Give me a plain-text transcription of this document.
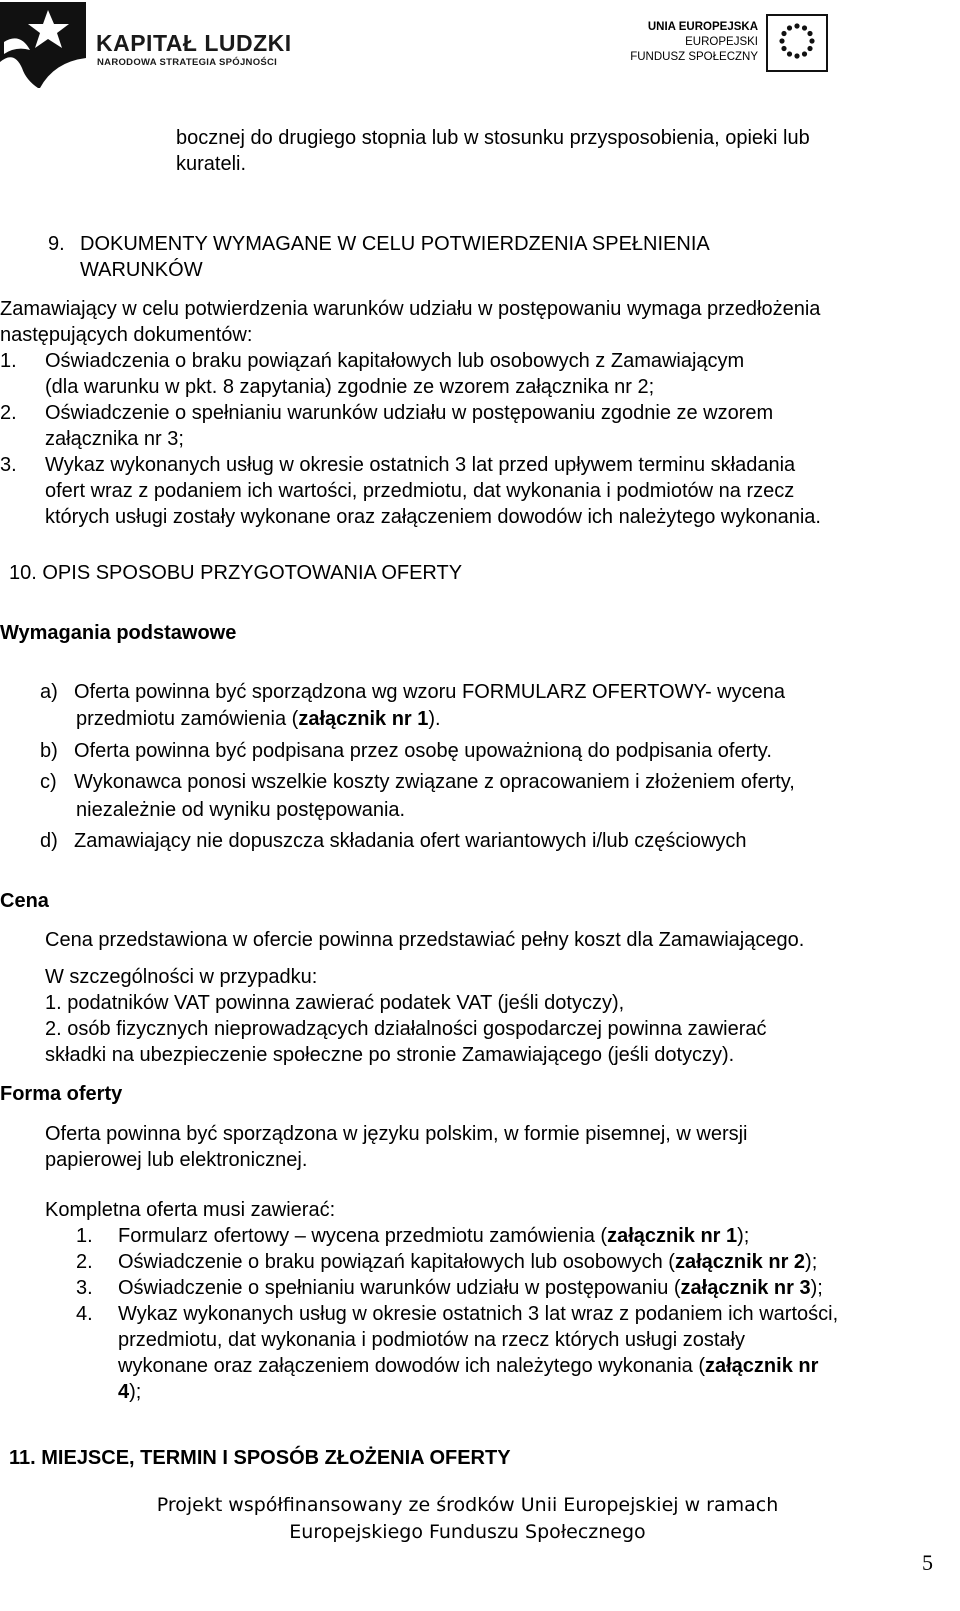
KAPITAŁ LUDZKI
NARODOWA STRATEGIA SPÓJNOŚCI
UNIA EUROPEJSKA
EUROPEJSKI
FUNDUSZ SPOŁECZNY
bocznej do drugiego stopnia lub w stosunku przysposobienia, opieki lub
kurateli.
9. DOKUMENTY WYMAGANE W CELU POTWIERDZENIA SPEŁNIENIA
WARUNKÓW
Zamawiający w celu potwierdzenia warunków udziału w postępowaniu wymaga przedłożenia
następujących dokumentów:
1. Oświadczenia o braku powiązań kapitałowych lub osobowych z Zamawiającym
(dla warunku w pkt. 8 zapytania) zgodnie ze wzorem załącznika nr 2;
2. Oświadczenie o spełnianiu warunków udziału w postępowaniu zgodnie ze wzorem
załącznika nr 3;
3. Wykaz wykonanych usług w okresie ostatnich 3 lat przed upływem terminu składania
ofert wraz z podaniem ich wartości, przedmiotu, dat wykonania i podmiotów na rzecz
których usługi zostały wykonane oraz załączeniem dowodów ich należytego wykonania.
10. OPIS SPOSOBU PRZYGOTOWANIA OFERTY
Wymagania podstawowe
a) Oferta powinna być sporządzona wg wzoru FORMULARZ OFERTOWY- wycena
przedmiotu zamówienia (załącznik nr 1).
b) Oferta powinna być podpisana przez osobę upoważnioną do podpisania oferty.
c) Wykonawca ponosi wszelkie koszty związane z opracowaniem i złożeniem oferty,
niezależnie od wyniku postępowania.
d) Zamawiający nie dopuszcza składania ofert wariantowych i/lub częściowych
Cena
Cena przedstawiona w ofercie powinna przedstawiać pełny koszt dla Zamawiającego.
W szczególności w przypadku:
1. podatników VAT powinna zawierać podatek VAT (jeśli dotyczy),
2. osób fizycznych nieprowadzących działalności gospodarczej powinna zawierać
składki na ubezpieczenie społeczne po stronie Zamawiającego (jeśli dotyczy).
Forma oferty
Oferta powinna być sporządzona w języku polskim, w formie pisemnej, w wersji
papierowej lub elektronicznej.
Kompletna oferta musi zawierać:
1. Formularz ofertowy – wycena przedmiotu zamówienia (załącznik nr 1);
2. Oświadczenie o braku powiązań kapitałowych lub osobowych (załącznik nr 2);
3. Oświadczenie o spełnianiu warunków udziału w postępowaniu (załącznik nr 3);
4. Wykaz wykonanych usług w okresie ostatnich 3 lat wraz z podaniem ich wartości,
przedmiotu, dat wykonania i podmiotów na rzecz których usługi zostały
wykonane oraz załączeniem dowodów ich należytego wykonania (załącznik nr
4);
11. MIEJSCE, TERMIN I SPOSÓB ZŁOŻENIA OFERTY
Projekt współfinansowany ze środków Unii Europejskiej w ramach
Europejskiego Funduszu Społecznego
5
